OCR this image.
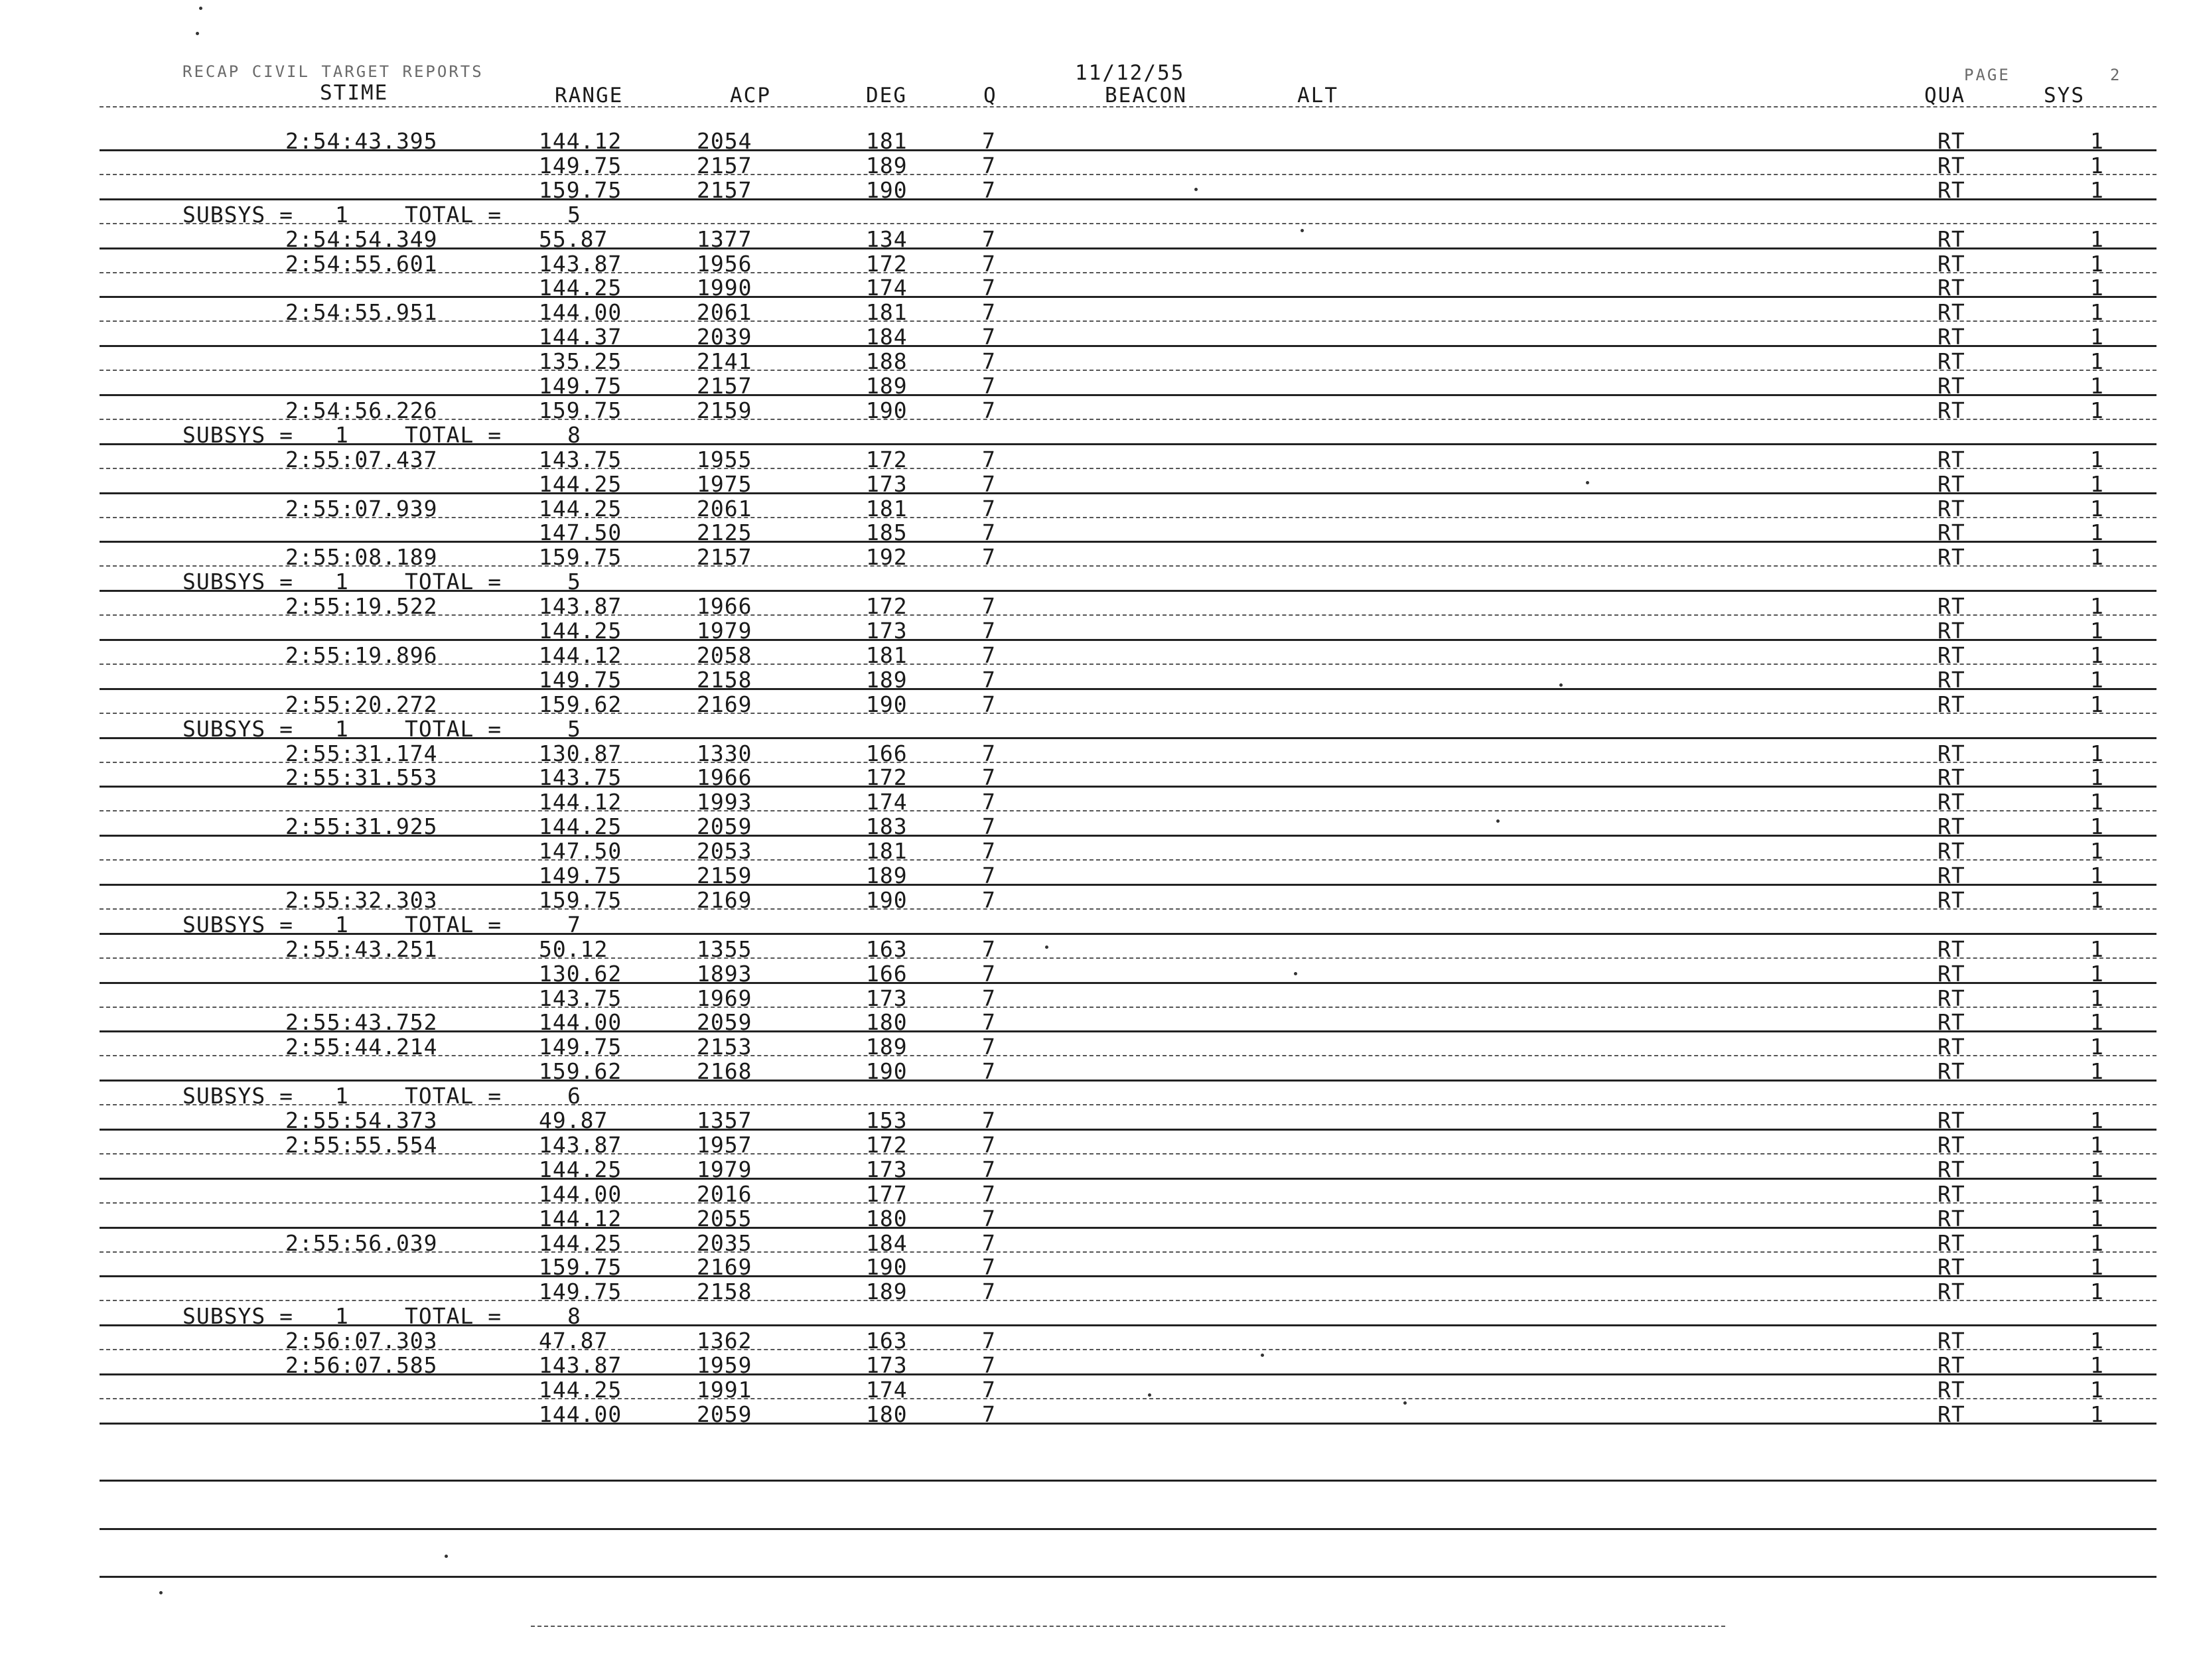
RECAP CIVIL TARGET REPORTS	11/12/55	PAGE	2
STIME	RANGE	ACP	DEG	Q	BEACON	ALT	QUA	SYS
2:54:43.395	144.12	2054	181	7	RT	1
149.75	2157	189	7	RT	1
159.75	2157	190	7	RT	1
SUBSYS = 1	TOTAL =	5
2:54:54.349	55.87	1377	134	7	RT	1
2:54:55.601	143.87	1956	172	7	RT	1
144.25	1990	174	7	RT	1
2:54:55.951	144.00	2061	181	7	RT	1
144.37	2039	184	7	RT	1
135.25	2141	188	7	RT	1
149.75	2157	189	7	RT	1
2:54:56.226	159.75	2159	190	7	RT	1
SUBSYS = 1	TOTAL =	8
2:55:07.437	143.75	1955	172	7	RT	1
144.25	1975	173	7	RT	1
2:55:07.939	144.25	2061	181	7	RT	1
147.50	2125	185	7	RT	1
2:55:08.189	159.75	2157	192	7	RT	1
SUBSYS = 1	TOTAL =	5
2:55:19.522	143.87	1966	172	7	RT	1
144.25	1979	173	7	RT	1
2:55:19.896	144.12	2058	181	7	RT	1
149.75	2158	189	7	RT	1
2:55:20.272	159.62	2169	190	7	RT	1
SUBSYS = 1	TOTAL =	5
2:55:31.174	130.87	1330	166	7	RT	1
2:55:31.553	143.75	1966	172	7	RT	1
144.12	1993	174	7	RT	1
2:55:31.925	144.25	2059	183	7	RT	1
147.50	2053	181	7	RT	1
149.75	2159	189	7	RT	1
2:55:32.303	159.75	2169	190	7	RT	1
SUBSYS = 1	TOTAL =	7
2:55:43.251	50.12	1355	163	7	RT	1
130.62	1893	166	7	RT	1
143.75	1969	173	7	RT	1
2:55:43.752	144.00	2059	180	7	RT	1
2:55:44.214	149.75	2153	189	7	RT	1
159.62	2168	190	7	RT	1
SUBSYS = 1	TOTAL =	6
2:55:54.373	49.87	1357	153	7	RT	1
2:55:55.554	143.87	1957	172	7	RT	1
144.25	1979	173	7	RT	1
144.00	2016	177	7	RT	1
144.12	2055	180	7	RT	1
2:55:56.039	144.25	2035	184	7	RT	1
159.75	2169	190	7	RT	1
149.75	2158	189	7	RT	1
SUBSYS = 1	TOTAL =	8
2:56:07.303	47.87	1362	163	7	RT	1
2:56:07.585	143.87	1959	173	7	RT	1
144.25	1991	174	7	RT	1
144.00	2059	180	7	RT	1
